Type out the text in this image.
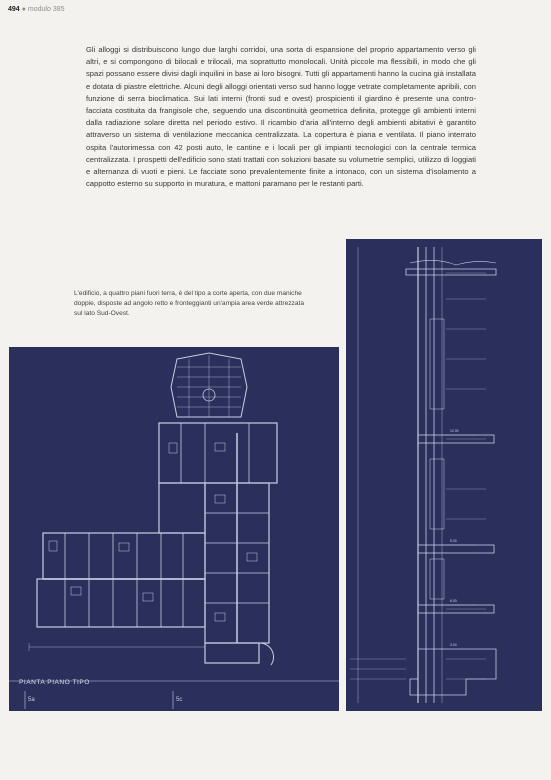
494 ● modulo 385

Gli alloggi si distribuiscono lungo due larghi corridoi, una sorta di espansione del proprio appartamento verso gli altri, e si compongono di bilocali e trilocali, ma soprattutto monolocali. Unità piccole ma flessibili, in modo che gli spazi possano essere divisi dagli inquilini in base ai loro bisogni. Tutti gli appartamenti hanno la cucina già installata e dotata di piastre elettriche. Alcuni degli alloggi orientati verso sud hanno logge vetrate completamente apribili, con funzione di serra bioclimatica. Sui lati interni (fronti sud e ovest) prospicienti il giardino è presente una contro-facciata costituita da frangisole che, seguendo una discontinuità geometrica definita, protegge gli ambienti interni dalla radiazione solare diretta nel periodo estivo. Il ricambio d'aria all'interno degli ambienti abitativi è garantito attraverso un sistema di ventilazione meccanica centralizzata. La copertura è piana e ventilata. Il piano interrato ospita l'autorimessa con 42 posti auto, le cantine e i locali per gli impianti tecnologici con la centrale termica centralizzata. I prospetti dell'edificio sono stati trattati con soluzioni basate su volumetrie semplici, utilizzo di loggiati e alternanza di vuoti e pieni. Le facciate sono prevalentemente finite a intonaco, con un sistema d'isolamento a cappotto esterno su supporto in muratura, e mattoni paramano per le restanti parti.

L'edificio, a quattro piani fuori terra, è del tipo a corte aperta, con due maniche doppie, disposte ad angolo retto e fronteggianti un'ampia area verde attrezzata sul lato Sud-Ovest.

PIANTA PIANO TIPO
5a	5c
12.00
9.00
6.00
3.00
